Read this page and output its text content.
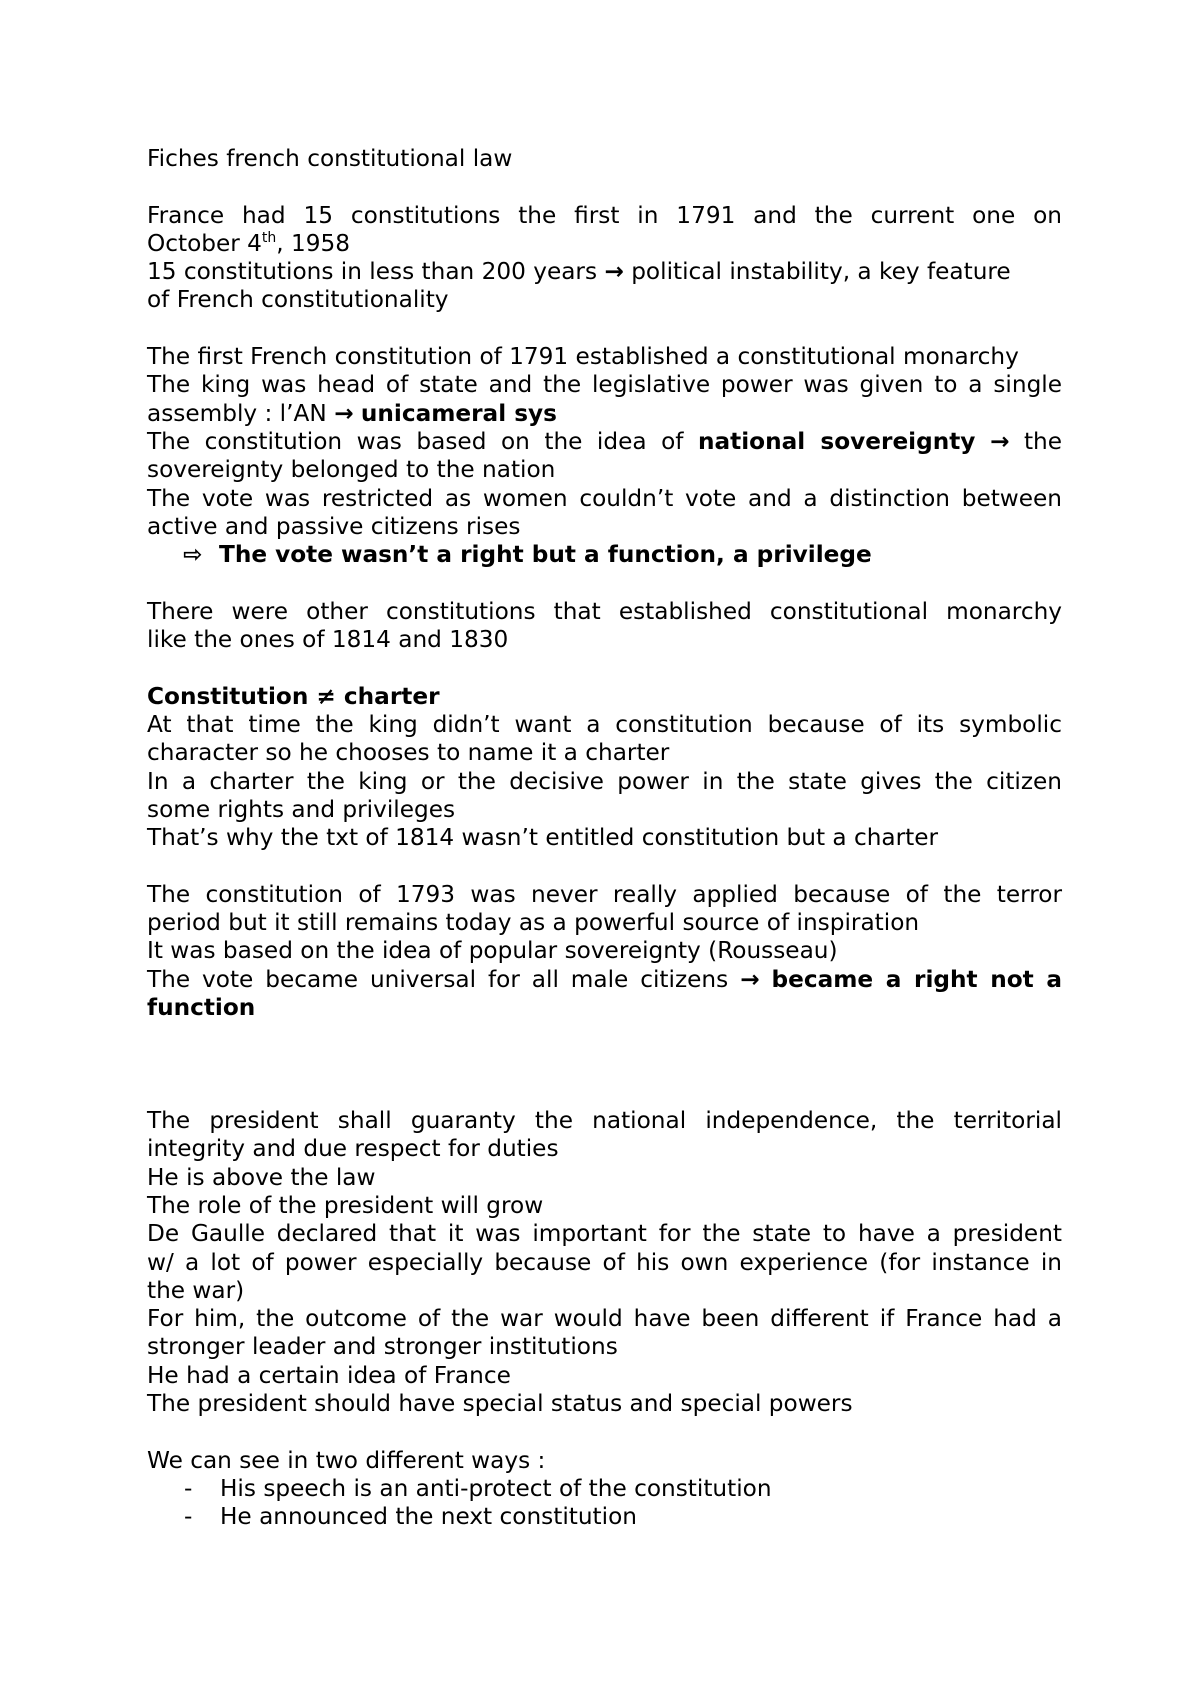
Fiches french constitutional law

France had 15 constitutions the first in 1791 and the current one on

October 4th, 1958

15 constitutions in less than 200 years → political instability, a key feature

of French constitutionality

The first French constitution of 1791 established a constitutional monarchy

The king was head of state and the legislative power was given to a single

assembly : l’AN → unicameral sys

The constitution was based on the idea of national sovereignty → the

sovereignty belonged to the nation

The vote was restricted as women couldn’t vote and a distinction between

active and passive citizens rises

⇨ The vote wasn’t a right but a function, a privilege

There were other constitutions that established constitutional monarchy

like the ones of 1814 and 1830

Constitution ≠ charter

At that time the king didn’t want a constitution because of its symbolic

character so he chooses to name it a charter

In a charter the king or the decisive power in the state gives the citizen

some rights and privileges

That’s why the txt of 1814 wasn’t entitled constitution but a charter

The constitution of 1793 was never really applied because of the terror

period but it still remains today as a powerful source of inspiration

It was based on the idea of popular sovereignty (Rousseau)

The vote became universal for all male citizens → became a right not a

function

The president shall guaranty the national independence, the territorial

integrity and due respect for duties

He is above the law

The role of the president will grow

De Gaulle declared that it was important for the state to have a president

w/ a lot of power especially because of his own experience (for instance in

the war)

For him, the outcome of the war would have been different if France had a

stronger leader and stronger institutions

He had a certain idea of France

The president should have special status and special powers

We can see in two different ways :

-	His speech is an anti-protect of the constitution
-	He announced the next constitution
